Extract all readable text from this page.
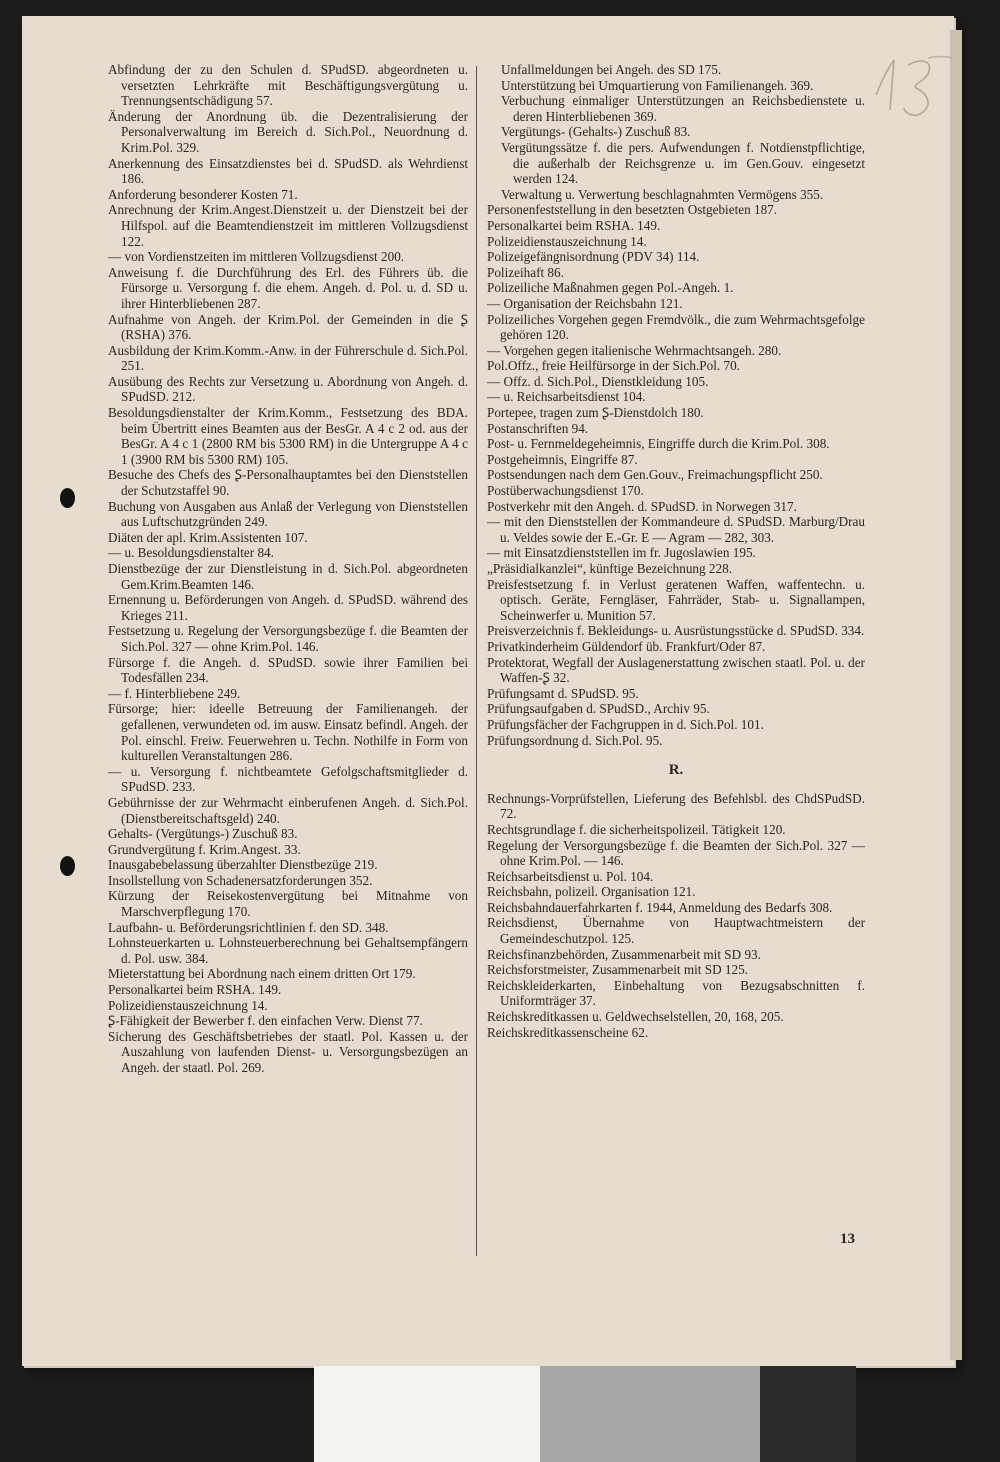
Abfindung der zu den Schulen d. SPudSD. abgeordneten u. versetzten Lehrkräfte mit Beschäftigungsvergütung u. Trennungsentschädigung 57.

Änderung der Anordnung üb. die Dezentralisierung der Personalverwaltung im Bereich d. Sich.Pol., Neuordnung d. Krim.Pol. 329.

Anerkennung des Einsatzdienstes bei d. SPudSD. als Wehrdienst 186.

Anforderung besonderer Kosten 71.

Anrechnung der Krim.Angest.Dienstzeit u. der Dienstzeit bei der Hilfspol. auf die Beamtendienstzeit im mittleren Vollzugsdienst 122.

— von Vordienstzeiten im mittleren Vollzugsdienst 200.

Anweisung f. die Durchführung des Erl. des Führers üb. die Fürsorge u. Versorgung f. die ehem. Angeh. d. Pol. u. d. SD u. ihrer Hinterbliebenen 287.

Aufnahme von Angeh. der Krim.Pol. der Gemeinden in die Ʂ (RSHA) 376.

Ausbildung der Krim.Komm.-Anw. in der Führerschule d. Sich.Pol. 251.

Ausübung des Rechts zur Versetzung u. Abordnung von Angeh. d. SPudSD. 212.

Besoldungsdienstalter der Krim.Komm., Festsetzung des BDA. beim Übertritt eines Beamten aus der BesGr. A 4 c 2 od. aus der BesGr. A 4 c 1 (2800 RM bis 5300 RM) in die Untergruppe A 4 c 1 (3900 RM bis 5300 RM) 105.

Besuche des Chefs des Ʂ-Personalhauptamtes bei den Dienststellen der Schutzstaffel 90.

Buchung von Ausgaben aus Anlaß der Verlegung von Dienststellen aus Luftschutzgründen 249.

Diäten der apl. Krim.Assistenten 107.

— u. Besoldungsdienstalter 84.

Dienstbezüge der zur Dienstleistung in d. Sich.Pol. abgeordneten Gem.Krim.Beamten 146.

Ernennung u. Beförderungen von Angeh. d. SPudSD. während des Krieges 211.

Festsetzung u. Regelung der Versorgungsbezüge f. die Beamten der Sich.Pol. 327 — ohne Krim.Pol. 146.

Fürsorge f. die Angeh. d. SPudSD. sowie ihrer Familien bei Todesfällen 234.

— f. Hinterbliebene 249.

Fürsorge; hier: ideelle Betreuung der Familienangeh. der gefallenen, verwundeten od. im ausw. Einsatz befindl. Angeh. der Pol. einschl. Freiw. Feuerwehren u. Techn. Nothilfe in Form von kulturellen Veranstaltungen 286.

— u. Versorgung f. nichtbeamtete Gefolgschaftsmitglieder d. SPudSD. 233.

Gebührnisse der zur Wehrmacht einberufenen Angeh. d. Sich.Pol. (Dienstbereitschaftsgeld) 240.

Gehalts- (Vergütungs-) Zuschuß 83.

Grundvergütung f. Krim.Angest. 33.

Inausgabebelassung überzahlter Dienstbezüge 219.

Insollstellung von Schadenersatzforderungen 352.

Kürzung der Reisekostenvergütung bei Mitnahme von Marschverpflegung 170.

Laufbahn- u. Beförderungsrichtlinien f. den SD. 348.

Lohnsteuerkarten u. Lohnsteuerberechnung bei Gehaltsempfängern d. Pol. usw. 384.

Mieterstattung bei Abordnung nach einem dritten Ort 179.

Personalkartei beim RSHA. 149.

Polizeidienstauszeichnung 14.

Ʂ-Fähigkeit der Bewerber f. den einfachen Verw. Dienst 77.

Sicherung des Geschäftsbetriebes der staatl. Pol. Kassen u. der Auszahlung von laufenden Dienst- u. Versorgungsbezügen an Angeh. der staatl. Pol. 269.

Unfallmeldungen bei Angeh. des SD 175.

Unterstützung bei Umquartierung von Familienangeh. 369.

Verbuchung einmaliger Unterstützungen an Reichsbedienstete u. deren Hinterbliebenen 369.

Vergütungs- (Gehalts-) Zuschuß 83.

Vergütungssätze f. die pers. Aufwendungen f. Notdienstpflichtige, die außerhalb der Reichsgrenze u. im Gen.Gouv. eingesetzt werden 124.

Verwaltung u. Verwertung beschlagnahmten Vermögens 355.

Personenfeststellung in den besetzten Ostgebieten 187.

Personalkartei beim RSHA. 149.

Polizeidienstauszeichnung 14.

Polizeigefängnisordnung (PDV 34) 114.

Polizeihaft 86.

Polizeiliche Maßnahmen gegen Pol.-Angeh. 1.

— Organisation der Reichsbahn 121.

Polizeiliches Vorgehen gegen Fremdvölk., die zum Wehrmachtsgefolge gehören 120.

— Vorgehen gegen italienische Wehrmachtsangeh. 280.

Pol.Offz., freie Heilfürsorge in der Sich.Pol. 70.

— Offz. d. Sich.Pol., Dienstkleidung 105.

— u. Reichsarbeitsdienst 104.

Portepee, tragen zum Ʂ-Dienstdolch 180.

Postanschriften 94.

Post- u. Fernmeldegeheimnis, Eingriffe durch die Krim.Pol. 308.

Postgeheimnis, Eingriffe 87.

Postsendungen nach dem Gen.Gouv., Freimachungspflicht 250.

Postüberwachungsdienst 170.

Postverkehr mit den Angeh. d. SPudSD. in Norwegen 317.

— mit den Dienststellen der Kommandeure d. SPudSD. Marburg/Drau u. Veldes sowie der E.-Gr. E — Agram — 282, 303.

— mit Einsatzdienststellen im fr. Jugoslawien 195.

„Präsidialkanzlei“, künftige Bezeichnung 228.

Preisfestsetzung f. in Verlust geratenen Waffen, waffentechn. u. optisch. Geräte, Ferngläser, Fahrräder, Stab- u. Signallampen, Scheinwerfer u. Munition 57.

Preisverzeichnis f. Bekleidungs- u. Ausrüstungsstücke d. SPudSD. 334.

Privatkinderheim Güldendorf üb. Frankfurt/Oder 87.

Protektorat, Wegfall der Auslagenerstattung zwischen staatl. Pol. u. der Waffen-Ʂ 32.

Prüfungsamt d. SPudSD. 95.

Prüfungsaufgaben d. SPudSD., Archiv 95.

Prüfungsfächer der Fachgruppen in d. Sich.Pol. 101.

Prüfungsordnung d. Sich.Pol. 95.

R.

Rechnungs-Vorprüfstellen, Lieferung des Befehlsbl. des ChdSPudSD. 72.

Rechtsgrundlage f. die sicherheitspolizeil. Tätigkeit 120.

Regelung der Versorgungsbezüge f. die Beamten der Sich.Pol. 327 — ohne Krim.Pol. — 146.

Reichsarbeitsdienst u. Pol. 104.

Reichsbahn, polizeil. Organisation 121.

Reichsbahndauerfahrkarten f. 1944, Anmeldung des Bedarfs 308.

Reichsdienst, Übernahme von Hauptwachtmeistern der Gemeindeschutzpol. 125.

Reichsfinanzbehörden, Zusammenarbeit mit SD 93.

Reichsforstmeister, Zusammenarbeit mit SD 125.

Reichskleiderkarten, Einbehaltung von Bezugsabschnitten f. Uniformträger 37.

Reichskreditkassen u. Geldwechselstellen, 20, 168, 205.

Reichskreditkassenscheine 62.

13
